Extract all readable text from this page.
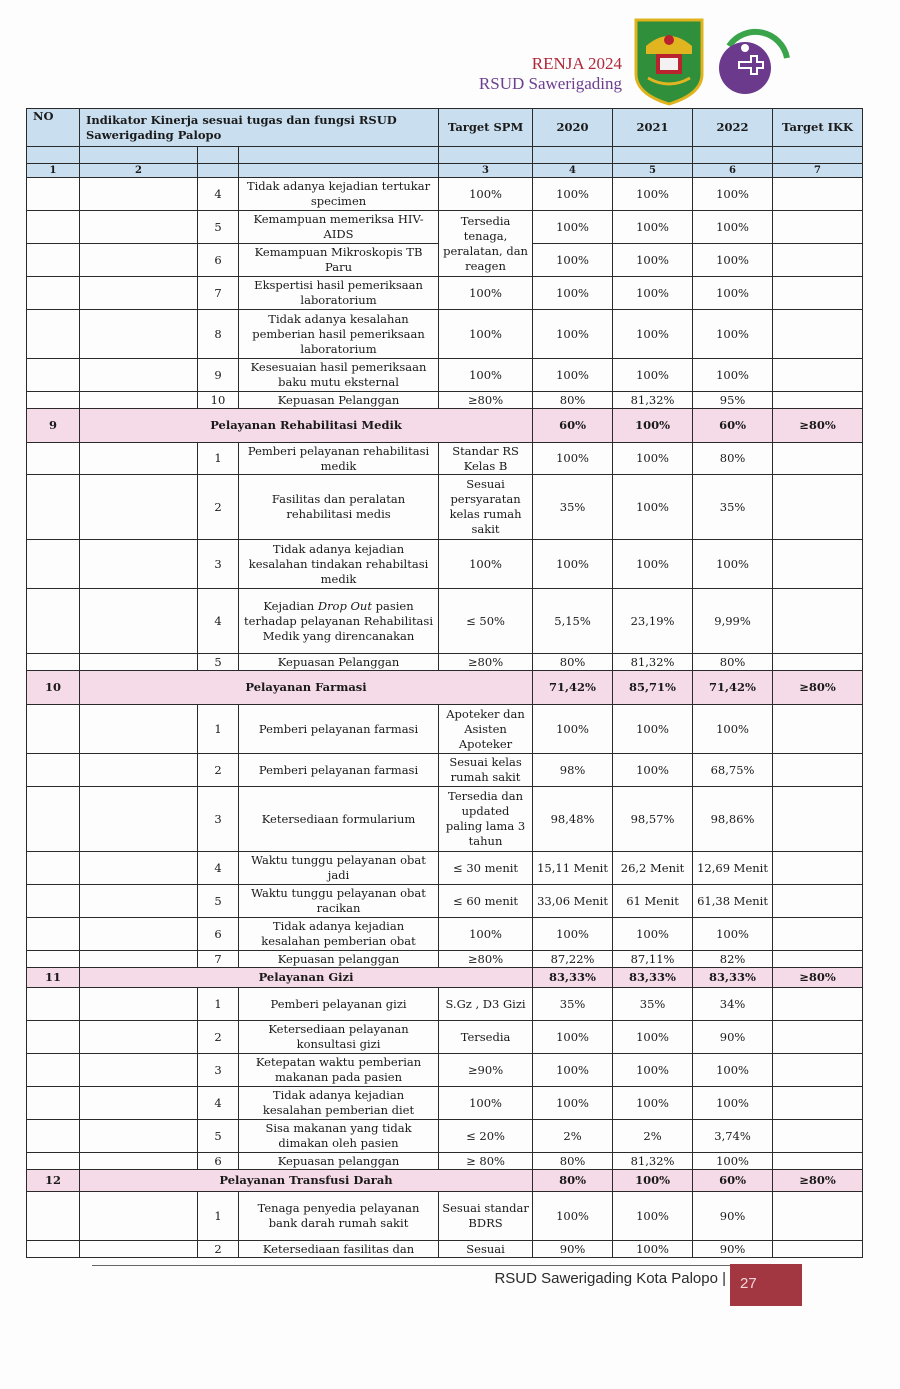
RENJA 2024
RSUD Sawerigading
NO	Indikator Kinerja sesuai tugas dan fungsi RSUD Sawerigading Palopo			Target SPM	2020	2021	2022	Target IKK

1	2			3	4	5	6	7
		4	Tidak adanya kejadian tertukar specimen	100%	100%	100%	100%	
		5	Kemampuan memeriksa HIV-AIDS	Tersedia tenaga, peralatan, dan reagen	100%	100%	100%	
		6	Kemampuan Mikroskopis TB Paru		100%	100%	100%	
		7	Ekspertisi hasil pemeriksaan laboratorium	100%	100%	100%	100%	
		8	Tidak adanya kesalahan pemberian hasil pemeriksaan laboratorium	100%	100%	100%	100%	
		9	Kesesuaian hasil pemeriksaan baku mutu eksternal	100%	100%	100%	100%	
		10	Kepuasan Pelanggan	≥80%	80%	81,32%	95%	
9	Pelayanan Rehabilitasi Medik				60%	100%	60%	≥80%
		1	Pemberi pelayanan rehabilitasi medik	Standar RS Kelas B	100%	100%	80%	
		2	Fasilitas dan peralatan rehabilitasi medis	Sesuai persyaratan kelas rumah sakit	35%	100%	35%	
		3	Tidak adanya kejadian kesalahan tindakan rehabiltasi medik	100%	100%	100%	100%	
		4	Kejadian Drop Out pasien terhadap pelayanan Rehabilitasi Medik yang direncanakan	≤ 50%	5,15%	23,19%	9,99%	
		5	Kepuasan Pelanggan	≥80%	80%	81,32%	80%	
10	Pelayanan Farmasi				71,42%	85,71%	71,42%	≥80%
		1	Pemberi pelayanan farmasi	Apoteker dan Asisten Apoteker	100%	100%	100%	
		2	Pemberi pelayanan farmasi	Sesuai kelas rumah sakit	98%	100%	68,75%	
		3	Ketersediaan formularium	Tersedia dan updated paling lama 3 tahun	98,48%	98,57%	98,86%	
		4	Waktu tunggu pelayanan obat jadi	≤ 30 menit	15,11 Menit	26,2 Menit	12,69 Menit	
		5	Waktu tunggu pelayanan obat racikan	≤ 60 menit	33,06 Menit	61 Menit	61,38 Menit	
		6	Tidak adanya kejadian kesalahan pemberian obat	100%	100%	100%	100%	
		7	Kepuasan pelanggan	≥80%	87,22%	87,11%	82%	
11	Pelayanan Gizi				83,33%	83,33%	83,33%	≥80%
		1	Pemberi pelayanan gizi	S.Gz , D3 Gizi	35%	35%	34%	
		2	Ketersediaan pelayanan konsultasi gizi	Tersedia	100%	100%	90%	
		3	Ketepatan waktu pemberian makanan pada pasien	≥90%	100%	100%	100%	
		4	Tidak adanya kejadian kesalahan pemberian diet	100%	100%	100%	100%	
		5	Sisa makanan yang tidak dimakan oleh pasien	≤ 20%	2%	2%	3,74%	
		6	Kepuasan pelanggan	≥ 80%	80%	81,32%	100%	
12	Pelayanan Transfusi Darah				80%	100%	60%	≥80%
		1	Tenaga penyedia pelayanan bank darah rumah sakit	Sesuai standar BDRS	100%	100%	90%	
		2	Ketersediaan fasilitas dan	Sesuai	90%	100%	90%	
RSUD Sawerigading Kota Palopo | 27
